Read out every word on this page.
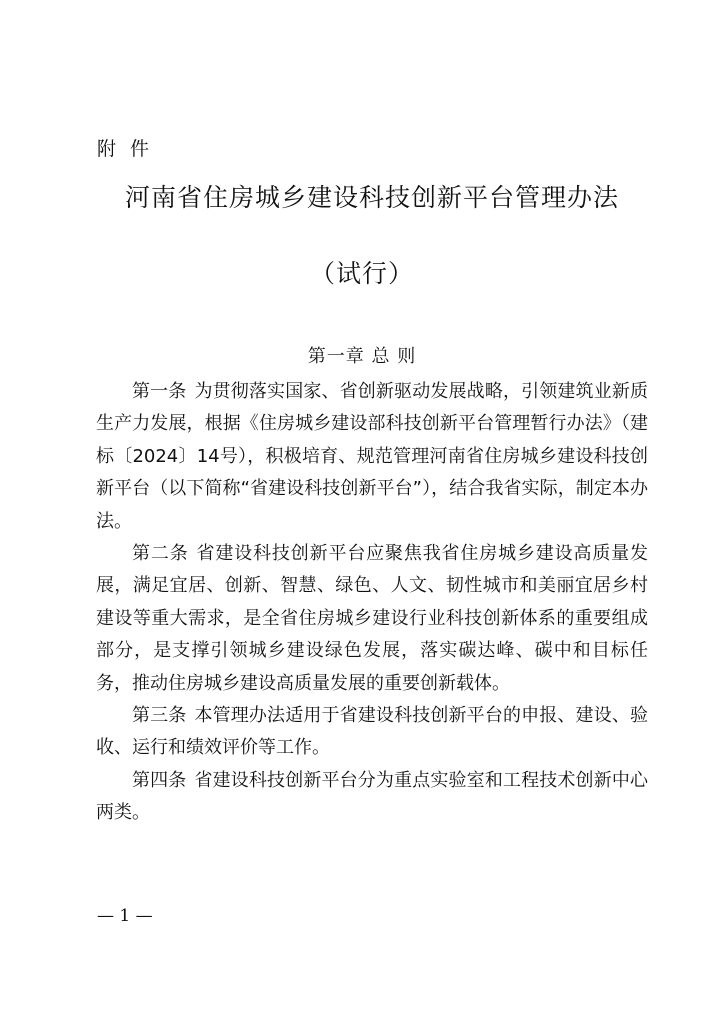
附 件
河南省住房城乡建设科技创新平台管理办法
（试行）
第一章 总 则

第一条 为贯彻落实国家、省创新驱动发展战略，引领建筑业新质生产力发展，根据《住房城乡建设部科技创新平台管理暂行办法》（建标〔2024〕14号），积极培育、规范管理河南省住房城乡建设科技创新平台（以下简称“省建设科技创新平台”），结合我省实际，制定本办法。

第二条 省建设科技创新平台应聚焦我省住房城乡建设高质量发展，满足宜居、创新、智慧、绿色、人文、韧性城市和美丽宜居乡村建设等重大需求，是全省住房城乡建设行业科技创新体系的重要组成部分，是支撑引领城乡建设绿色发展，落实碳达峰、碳中和目标任务，推动住房城乡建设高质量发展的重要创新载体。

第三条 本管理办法适用于省建设科技创新平台的申报、建设、验收、运行和绩效评价等工作。

第四条 省建设科技创新平台分为重点实验室和工程技术创新中心两类。

— 1 —
